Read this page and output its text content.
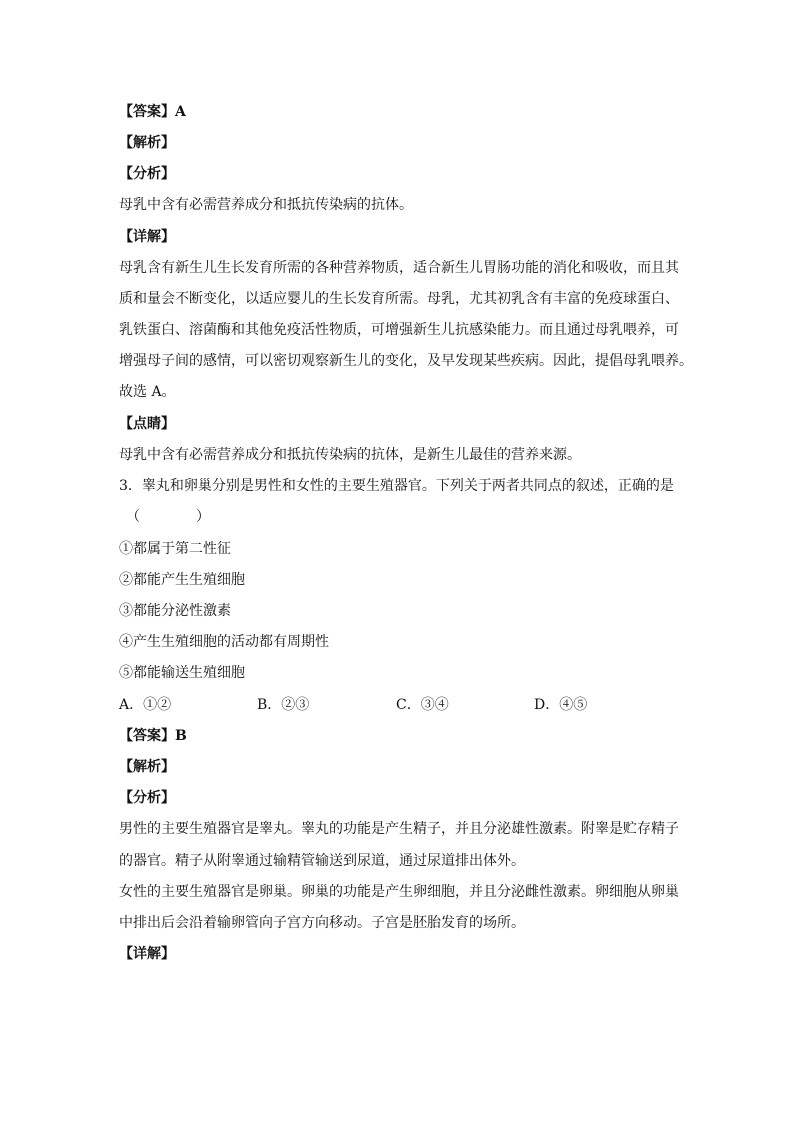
【答案】A
【解析】
【分析】
母乳中含有必需营养成分和抵抗传染病的抗体。
【详解】
母乳含有新生儿生长发育所需的各种营养物质，适合新生儿胃肠功能的消化和吸收，而且其
质和量会不断变化，以适应婴儿的生长发育所需。母乳，尤其初乳含有丰富的免疫球蛋白、
乳铁蛋白、溶菌酶和其他免疫活性物质，可增强新生儿抗感染能力。而且通过母乳喂养，可
增强母子间的感情，可以密切观察新生儿的变化，及早发现某些疾病。因此，提倡母乳喂养。
故选 A。
【点睛】
母乳中含有必需营养成分和抵抗传染病的抗体，是新生儿最佳的营养来源。
3．睾丸和卵巢分别是男性和女性的主要生殖器官。下列关于两者共同点的叙述，正确的是
（　　　　）
①都属于第二性征
②都能产生生殖细胞
③都能分泌性激素
④产生生殖细胞的活动都有周期性
⑤都能输送生殖细胞
A．①②	B．②③	C．③④	D．④⑤
【答案】B
【解析】
【分析】
男性的主要生殖器官是睾丸。睾丸的功能是产生精子，并且分泌雄性激素。附睾是贮存精子
的器官。精子从附睾通过输精管输送到尿道，通过尿道排出体外。
女性的主要生殖器官是卵巢。卵巢的功能是产生卵细胞，并且分泌雌性激素。卵细胞从卵巢
中排出后会沿着输卵管向子宫方向移动。子宫是胚胎发育的场所。
【详解】
